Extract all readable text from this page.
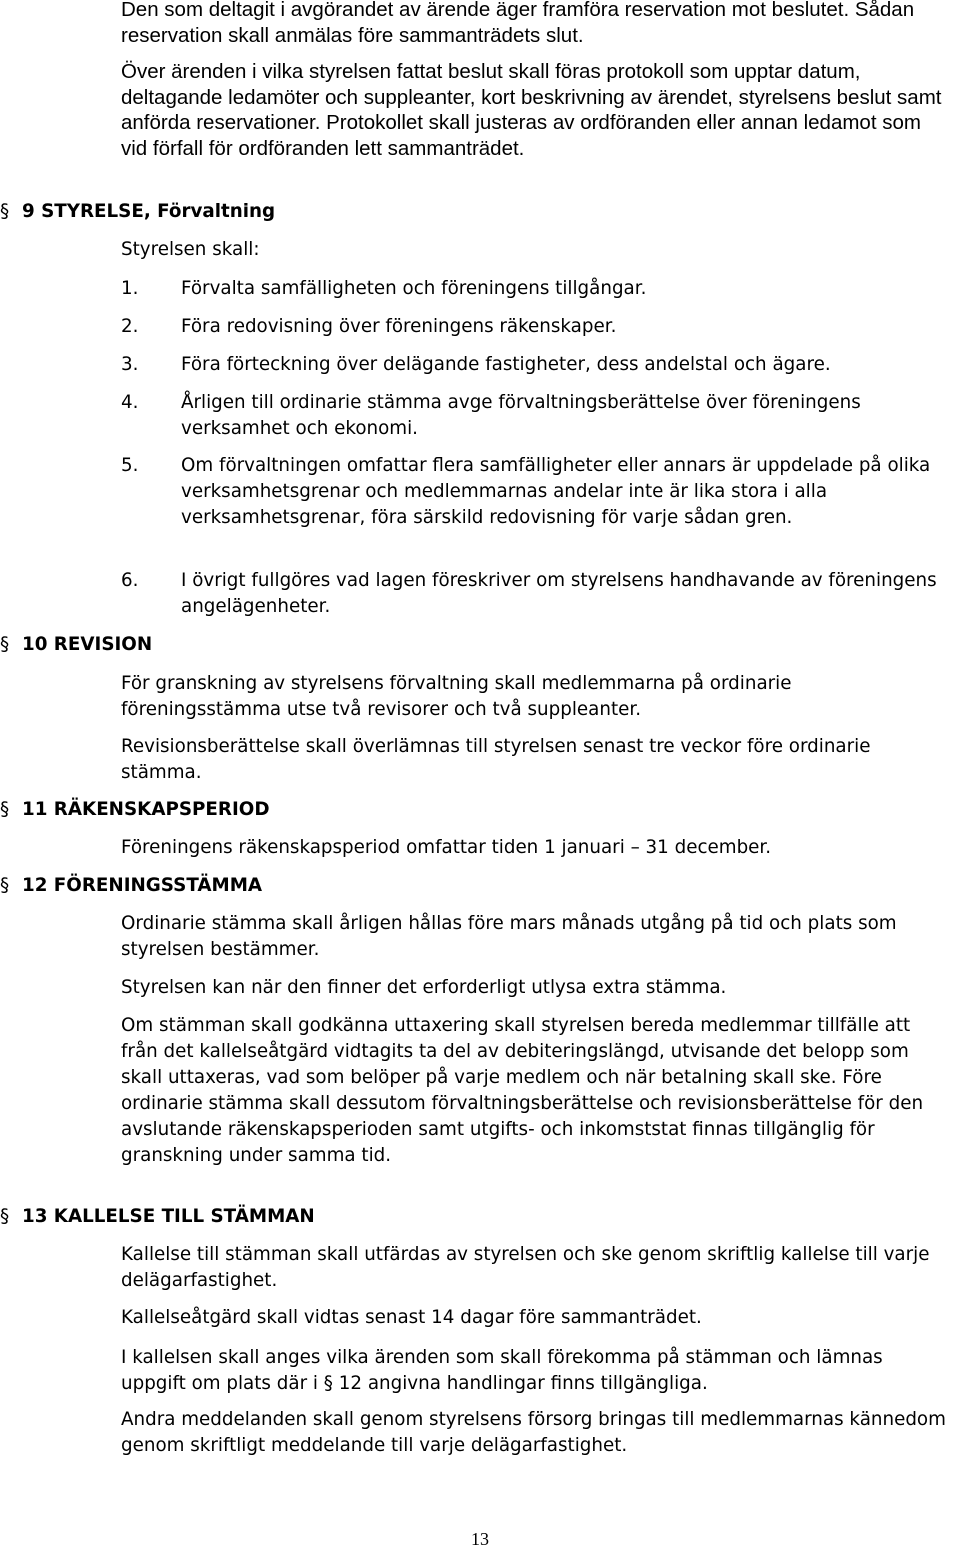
Den som deltagit i avgörandet av ärende äger framföra reservation mot beslutet. Sådan reservation skall anmälas före sammanträdets slut.

Över ärenden i vilka styrelsen fattat beslut skall föras protokoll som upptar datum, deltagande ledamöter och suppleanter, kort beskrivning av ärendet, styrelsens beslut samt anförda reservationer. Protokollet skall justeras av ordföranden eller annan ledamot som vid förfall för ordföranden lett sammanträdet.

§ 9 STYRELSE, Förvaltning

Styrelsen skall:

1. Förvalta samfälligheten och föreningens tillgångar.
2. Föra redovisning över föreningens räkenskaper.
3. Föra förteckning över delägande fastigheter, dess andelstal och ägare.
4. Årligen till ordinarie stämma avge förvaltningsberättelse över föreningens verksamhet och ekonomi.
5. Om förvaltningen omfattar flera samfälligheter eller annars är uppdelade på olika verksamhetsgrenar och medlemmarnas andelar inte är lika stora i alla verksamhetsgrenar, föra särskild redovisning för varje sådan gren.
6. I övrigt fullgöres vad lagen föreskriver om styrelsens handhavande av föreningens angelägenheter.
§ 10 REVISION

För granskning av styrelsens förvaltning skall medlemmarna på ordinarie föreningsstämma utse två revisorer och två suppleanter.

Revisionsberättelse skall överlämnas till styrelsen senast tre veckor före ordinarie stämma.

§ 11 RÄKENSKAPSPERIOD

Föreningens räkenskapsperiod omfattar tiden 1 januari – 31 december.

§ 12 FÖRENINGSSTÄMMA

Ordinarie stämma skall årligen hållas före mars månads utgång på tid och plats som styrelsen bestämmer.

Styrelsen kan när den finner det erforderligt utlysa extra stämma.

Om stämman skall godkänna uttaxering skall styrelsen bereda medlemmar tillfälle att från det kallelseåtgärd vidtagits ta del av debiteringslängd, utvisande det belopp som skall uttaxeras, vad som belöper på varje medlem och när betalning skall ske. Före ordinarie stämma skall dessutom förvaltningsberättelse och revisionsberättelse för den avslutande räkenskapsperioden samt utgifts- och inkomststat finnas tillgänglig för granskning under samma tid.

§ 13 KALLELSE TILL STÄMMAN

Kallelse till stämman skall utfärdas av styrelsen och ske genom skriftlig kallelse till varje delägarfastighet.

Kallelseåtgärd skall vidtas senast 14 dagar före sammanträdet.

I kallelsen skall anges vilka ärenden som skall förekomma på stämman och lämnas uppgift om plats där i § 12 angivna handlingar finns tillgängliga.

Andra meddelanden skall genom styrelsens försorg bringas till medlemmarnas kännedom genom skriftligt meddelande till varje delägarfastighet.

13
